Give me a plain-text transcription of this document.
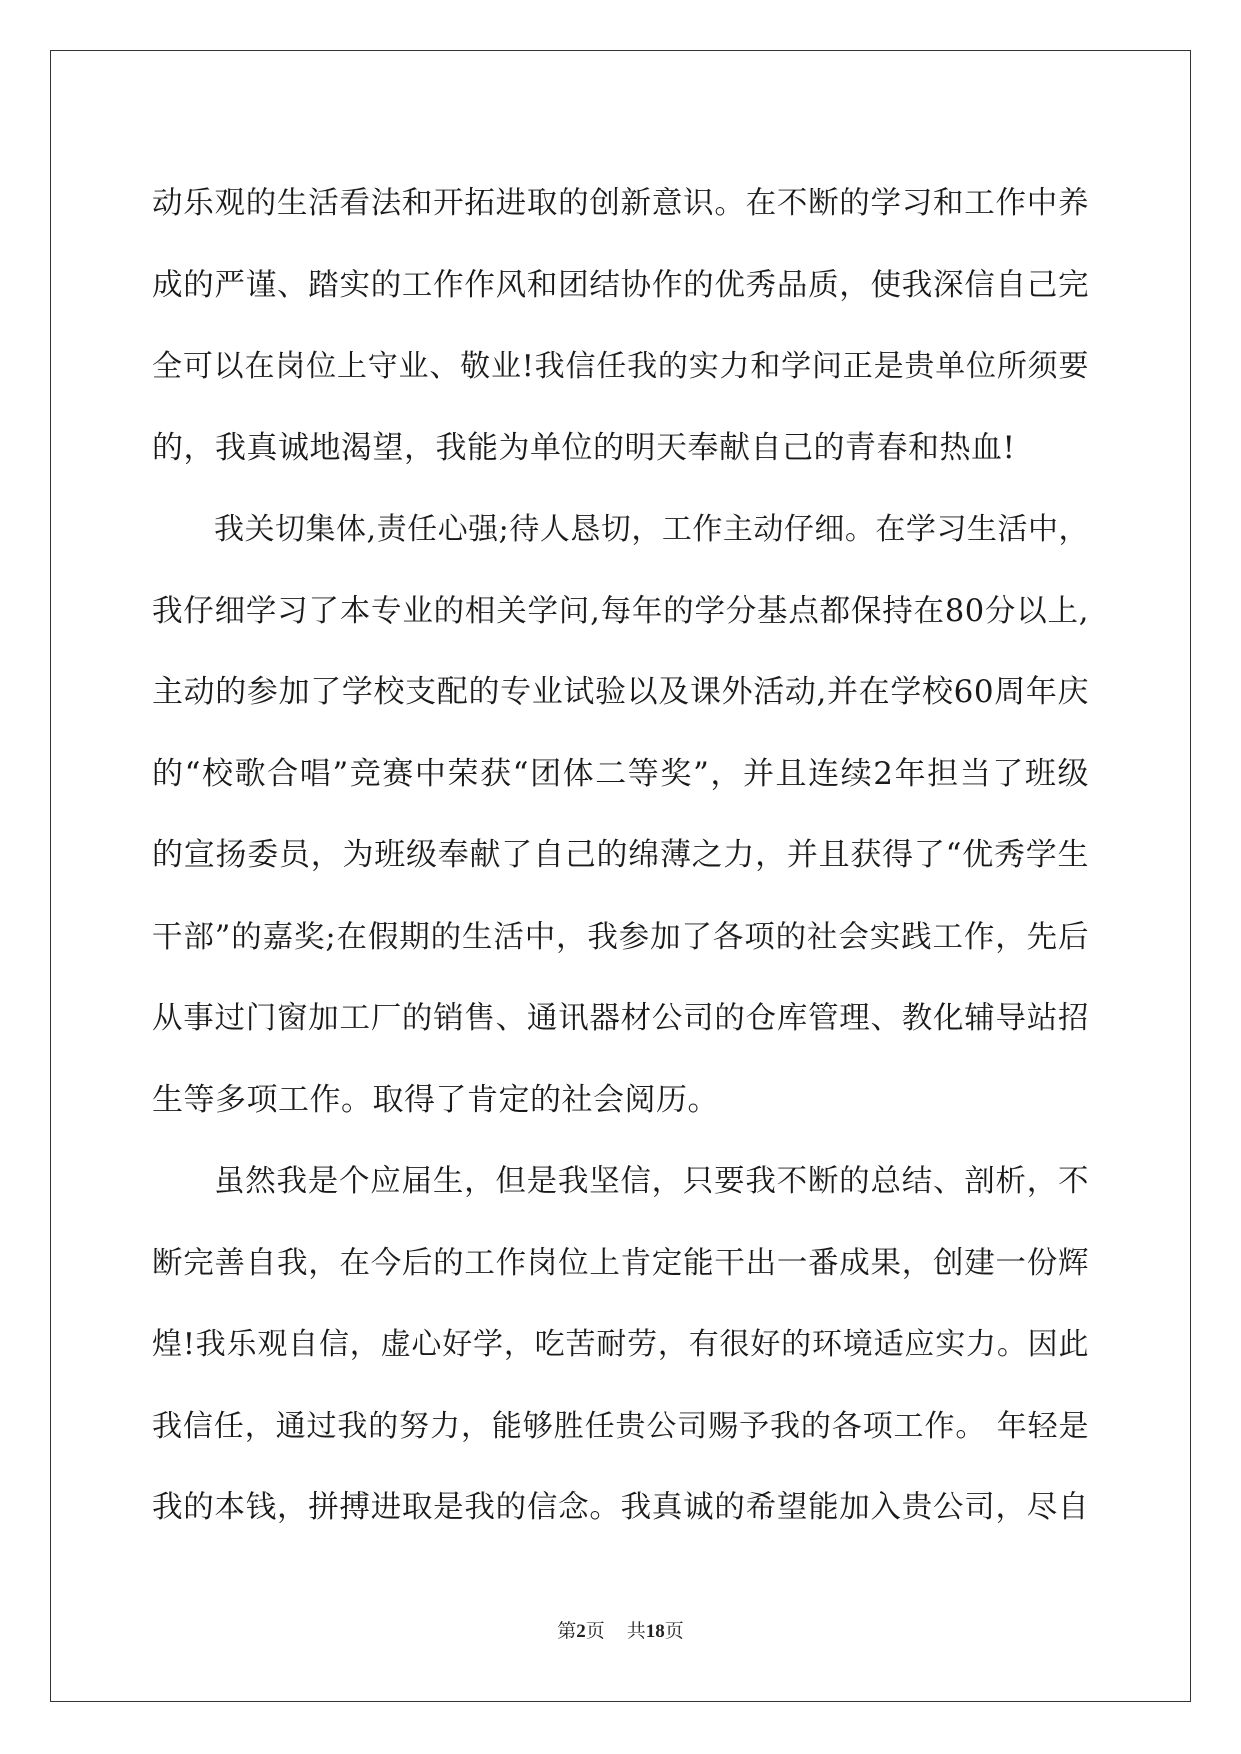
动乐观的生活看法和开拓进取的创新意识。在不断的学习和工作中养
成的严谨、踏实的工作作风和团结协作的优秀品质，使我深信自己完
全可以在岗位上守业、敬业!我信任我的实力和学问正是贵单位所须要
的，我真诚地渴望，我能为单位的明天奉献自己的青春和热血!
我关切集体,责任心强;待人恳切，工作主动仔细。在学习生活中，
我仔细学习了本专业的相关学问,每年的学分基点都保持在80分以上,
主动的参加了学校支配的专业试验以及课外活动,并在学校60周年庆
的“校歌合唱”竞赛中荣获“团体二等奖”，并且连续2年担当了班级
的宣扬委员，为班级奉献了自己的绵薄之力，并且获得了“优秀学生
干部”的嘉奖;在假期的生活中，我参加了各项的社会实践工作，先后
从事过门窗加工厂的销售、通讯器材公司的仓库管理、教化辅导站招
生等多项工作。取得了肯定的社会阅历。
虽然我是个应届生，但是我坚信，只要我不断的总结、剖析，不
断完善自我，在今后的工作岗位上肯定能干出一番成果，创建一份辉
煌!我乐观自信，虚心好学，吃苦耐劳，有很好的环境适应实力。因此
我信任，通过我的努力，能够胜任贵公司赐予我的各项工作。 年轻是
我的本钱，拼搏进取是我的信念。我真诚的希望能加入贵公司，尽自
第2页 共18页
